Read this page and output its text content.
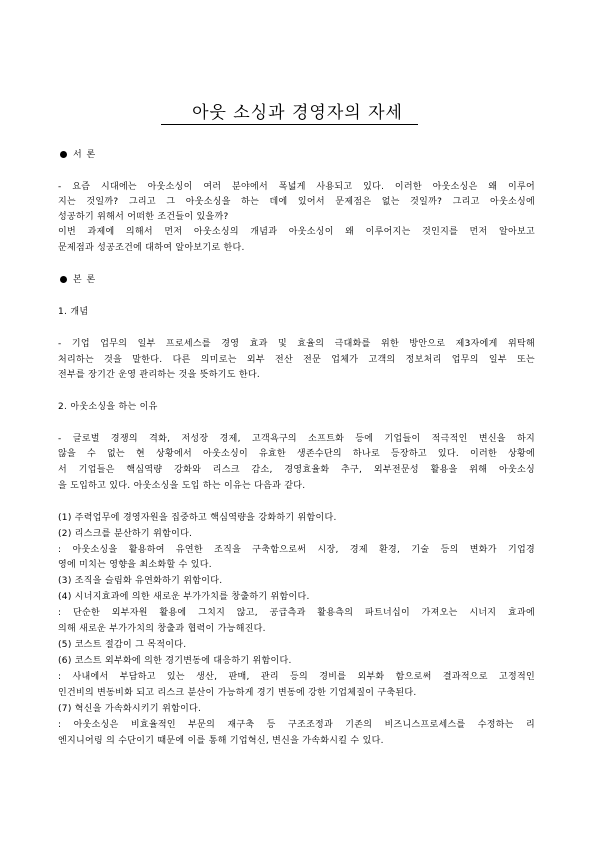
아웃 소싱과 경영자의 자세
서 론
- 요즘 시대에는 아웃소싱이 여러 분야에서 폭넓게 사용되고 있다. 이러한 아웃소싱은 왜 이루어
지는 것일까? 그리고 그 아웃소싱을 하는 데에 있어서 문제점은 없는 것일까? 그리고 아웃소싱에
성공하기 위해서 어떠한 조건들이 있을까?
이번 과제에 의해서 먼저 아웃소싱의 개념과 아웃소싱이 왜 이루어지는 것인지를 먼저 알아보고
문제점과 성공조건에 대하여 알아보기로 한다.
본 론
1. 개념
- 기업 업무의 일부 프로세스를 경영 효과 및 효율의 극대화를 위한 방안으로 제3자에게 위탁해
처리하는 것을 말한다. 다른 의미로는 외부 전산 전문 업체가 고객의 정보처리 업무의 일부 또는
전부를 장기간 운영 관리하는 것을 뜻하기도 한다.
2. 아웃소싱을 하는 이유
- 글로벌 경쟁의 격화, 저성장 경제, 고객욕구의 소프트화 등에 기업들이 적극적인 변신을 하지
않을 수 없는 현 상황에서 아웃소싱이 유효한 생존수단의 하나로 등장하고 있다. 이러한 상황에
서 기업들은 핵심역량 강화와 리스크 감소, 경영효율화 추구, 외부전문성 활용을 위해 아웃소싱
을 도입하고 있다. 아웃소싱을 도입 하는 이유는 다음과 같다.
(1) 주력업무에 경영자원을 집중하고 핵심역량을 강화하기 위함이다.
(2) 리스크를 분산하기 위함이다.
: 아웃소싱을 활용하여 유연한 조직을 구축함으로써 시장, 경제 환경, 기술 등의 변화가 기업경
영에 미치는 영향을 최소화할 수 있다.
(3) 조직을 슬림화 유연화하기 위함이다.
(4) 시너지효과에 의한 새로운 부가가치를 창출하기 위함이다.
: 단순한 외부자원 활용에 그치지 않고, 공급측과 활용측의 파트너십이 가져오는 시너지 효과에
의해 새로운 부가가치의 창출과 협력이 가능해진다.
(5) 코스트 절감이 그 목적이다.
(6) 코스트 외부화에 의한 경기변동에 대응하기 위함이다.
: 사내에서 부담하고 있는 생산, 판매, 관리 등의 경비를 외부화 함으로써 결과적으로 고정적인
인건비의 변동비화 되고 리스크 분산이 가능하게 경기 변동에 강한 기업체질이 구축된다.
(7) 혁신을 가속화시키기 위함이다.
: 아웃소싱은 비효율적인 부문의 재구축 등 구조조정과 기존의 비즈니스프로세스를 수정하는 리
엔지니어링 의 수단이기 때문에 이를 통해 기업혁신, 변신을 가속화시킬 수 있다.
